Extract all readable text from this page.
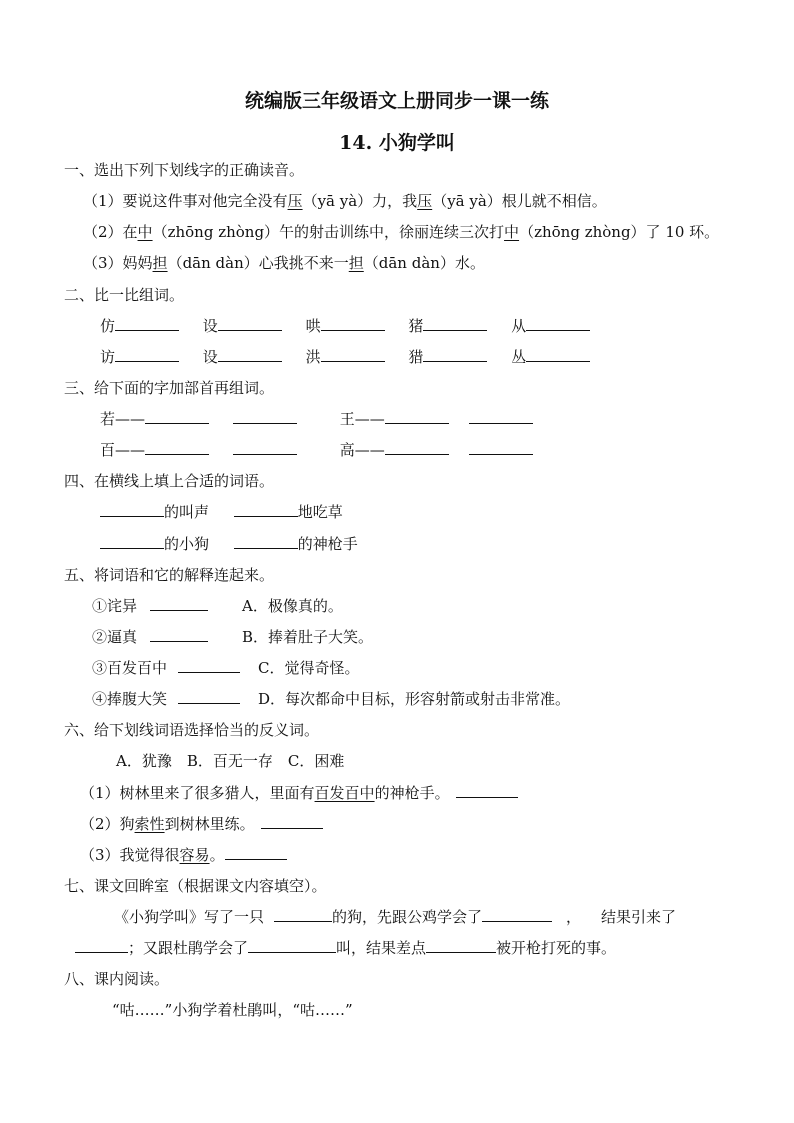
统编版三年级语文上册同步一课一练
14. 小狗学叫
一、选出下列下划线字的正确读音。
（1）要说这件事对他完全没有压（yā yà）力，我压（yā yà）根儿就不相信。
（2）在中（zhōng zhòng）午的射击训练中，徐丽连续三次打中（zhōng zhòng）了 10 环。
（3）妈妈担（dān dàn）心我挑不来一担（dān dàn）水。
二、比一比组词。
仿	设	哄	猪	从
访	设	洪	猎	丛
三、给下面的字加部首再组词。
若——	王——
百——	高——
四、在横线上填上合适的词语。
的叫声	地吃草
的小狗	的神枪手
五、将词语和它的解释连起来。
①诧异	A．极像真的。
②逼真	B．捧着肚子大笑。
③百发百中	C．觉得奇怪。
④捧腹大笑	D．每次都命中目标，形容射箭或射击非常准。
六、给下划线词语选择恰当的反义词。
A．犹豫　B．百无一存　C．困难
（1）树林里来了很多猎人，里面有百发百中的神枪手。
（2）狗索性到树林里练。
（3）我觉得很容易。
七、课文回眸室（根据课文内容填空）。
《小狗学叫》写了一只	的狗，先跟公鸡学会了	， 结果引来了
；又跟杜鹃学会了	叫，结果差点	被开枪打死的事。
八、课内阅读。
“咕……”小狗学着杜鹃叫，“咕……”
